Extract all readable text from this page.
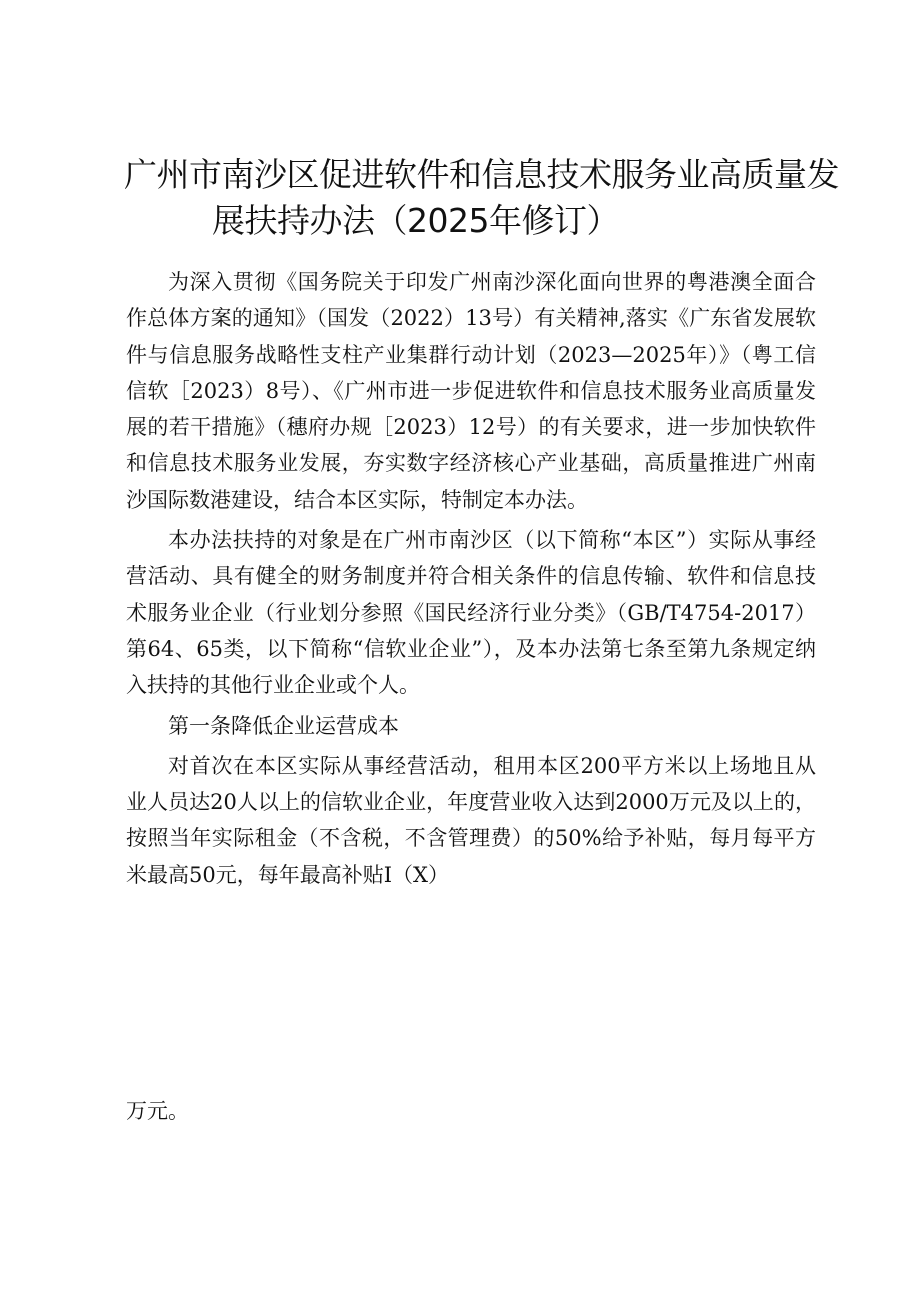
广州市南沙区促进软件和信息技术服务业高质量发
展扶持办法（2025年修订）

为深入贯彻《国务院关于印发广州南沙深化面向世界的粤港澳全面合作总体方案的通知》（国发（2022）13号）有关精神,落实《广东省发展软件与信息服务战略性支柱产业集群行动计划（2023—2025年）》（粤工信信软［2023）8号）、《广州市进一步促进软件和信息技术服务业高质量发展的若干措施》（穗府办规［2023）12号）的有关要求，进一步加快软件和信息技术服务业发展，夯实数字经济核心产业基础，高质量推进广州南沙国际数港建设，结合本区实际，特制定本办法。

本办法扶持的对象是在广州市南沙区（以下简称“本区”）实际从事经营活动、具有健全的财务制度并符合相关条件的信息传输、软件和信息技术服务业企业（行业划分参照《国民经济行业分类》（GB/T4754-2017）第64、65类，以下简称“信软业企业”），及本办法第七条至第九条规定纳入扶持的其他行业企业或个人。

第一条降低企业运营成本

对首次在本区实际从事经营活动，租用本区200平方米以上场地且从业人员达20人以上的信软业企业，年度营业收入达到2000万元及以上的，按照当年实际租金（不含税，不含管理费）的50%给予补贴，每月每平方米最高50元，每年最高补贴I（X）

万元。
